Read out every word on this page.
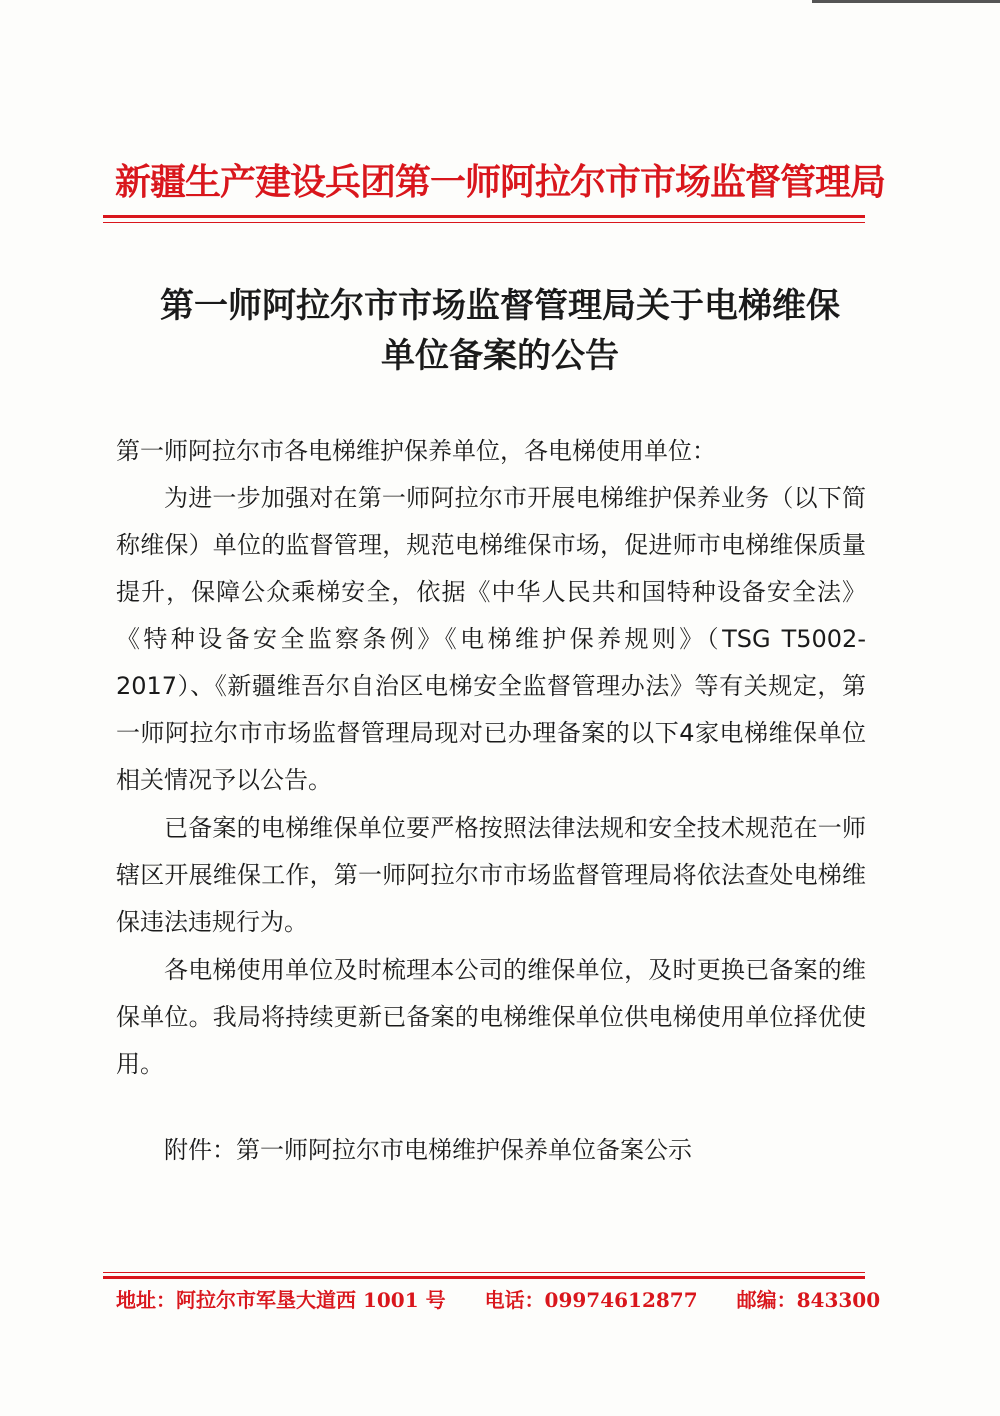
新疆生产建设兵团第一师阿拉尔市市场监督管理局
第一师阿拉尔市市场监督管理局关于电梯维保
单位备案的公告
第一师阿拉尔市各电梯维护保养单位，各电梯使用单位：

为进一步加强对在第一师阿拉尔市开展电梯维护保养业务（以下简称维保）单位的监督管理，规范电梯维保市场，促进师市电梯维保质量提升，保障公众乘梯安全，依据《中华人民共和国特种设备安全法》《特种设备安全监察条例》《电梯维护保养规则》（TSG T5002-2017）、《新疆维吾尔自治区电梯安全监督管理办法》等有关规定，第一师阿拉尔市市场监督管理局现对已办理备案的以下4家电梯维保单位相关情况予以公告。

已备案的电梯维保单位要严格按照法律法规和安全技术规范在一师辖区开展维保工作，第一师阿拉尔市市场监督管理局将依法查处电梯维保违法违规行为。

各电梯使用单位及时梳理本公司的维保单位，及时更换已备案的维保单位。我局将持续更新已备案的电梯维保单位供电梯使用单位择优使用。

附件：第一师阿拉尔市电梯维护保养单位备案公示
地址：阿拉尔市军垦大道西 1001 号 电话：09974612877 邮编：843300
